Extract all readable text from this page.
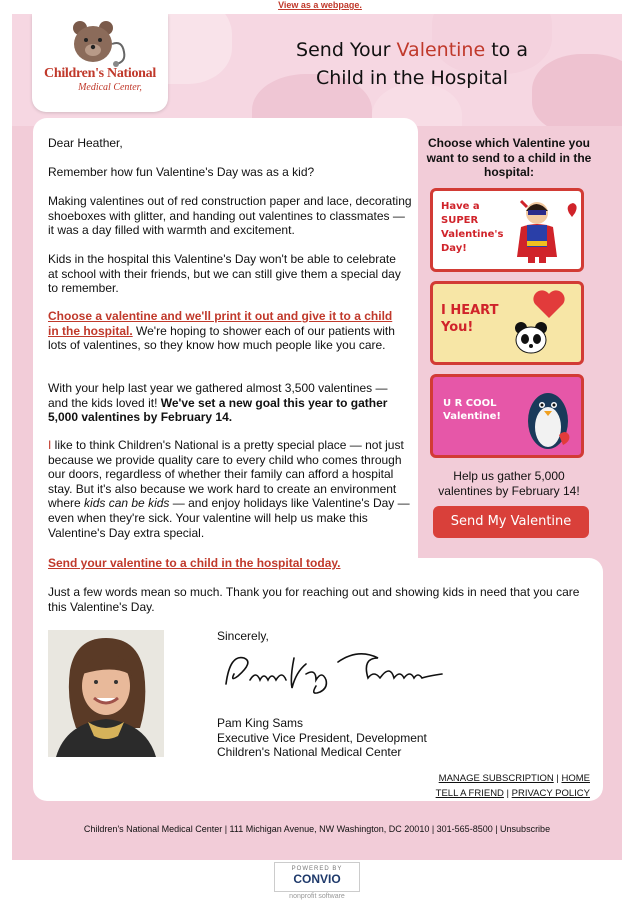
View as a webpage.
Children's National
Medical Center,
Send Your Valentine to a
Child in the Hospital
Dear Heather,
Remember how fun Valentine's Day was as a kid?
Making valentines out of red construction paper and lace, decorating shoeboxes with glitter, and handing out valentines to classmates — it was a day filled with warmth and excitement.
Kids in the hospital this Valentine's Day won't be able to celebrate at school with their friends, but we can still give them a special day to remember.
Choose a valentine and we'll print it out and give it to a child in the hospital. We're hoping to shower each of our patients with lots of valentines, so they know how much people like you care.
With your help last year we gathered almost 3,500 valentines — and the kids loved it! We've set a new goal this year to gather 5,000 valentines by February 14.
I like to think Children's National is a pretty special place — not just because we provide quality care to every child who comes through our doors, regardless of whether their family can afford a hospital stay. But it's also because we work hard to create an environment where kids can be kids — and enjoy holidays like Valentine's Day — even when they're sick. Your valentine will help us make this Valentine's Day extra special.
Send your valentine to a child in the hospital today.
Just a few words mean so much. Thank you for reaching out and showing kids in need that you care this Valentine's Day.
Sincerely,
Pam King Sams
Executive Vice President, Development
Children's National Medical Center
Choose which Valentine you want to send to a child in the hospital:
Have a
SUPER
Valentine's
Day!
I HEART
You!
U R COOL
Valentine!
Help us gather 5,000 valentines by February 14!
Send My Valentine
MANAGE SUBSCRIPTION | HOME
TELL A FRIEND | PRIVACY POLICY
Children's National Medical Center | 111 Michigan Avenue, NW Washington, DC 20010 | 301-565-8500 | Unsubscribe
POWERED BY
CONVIO
nonprofit software
